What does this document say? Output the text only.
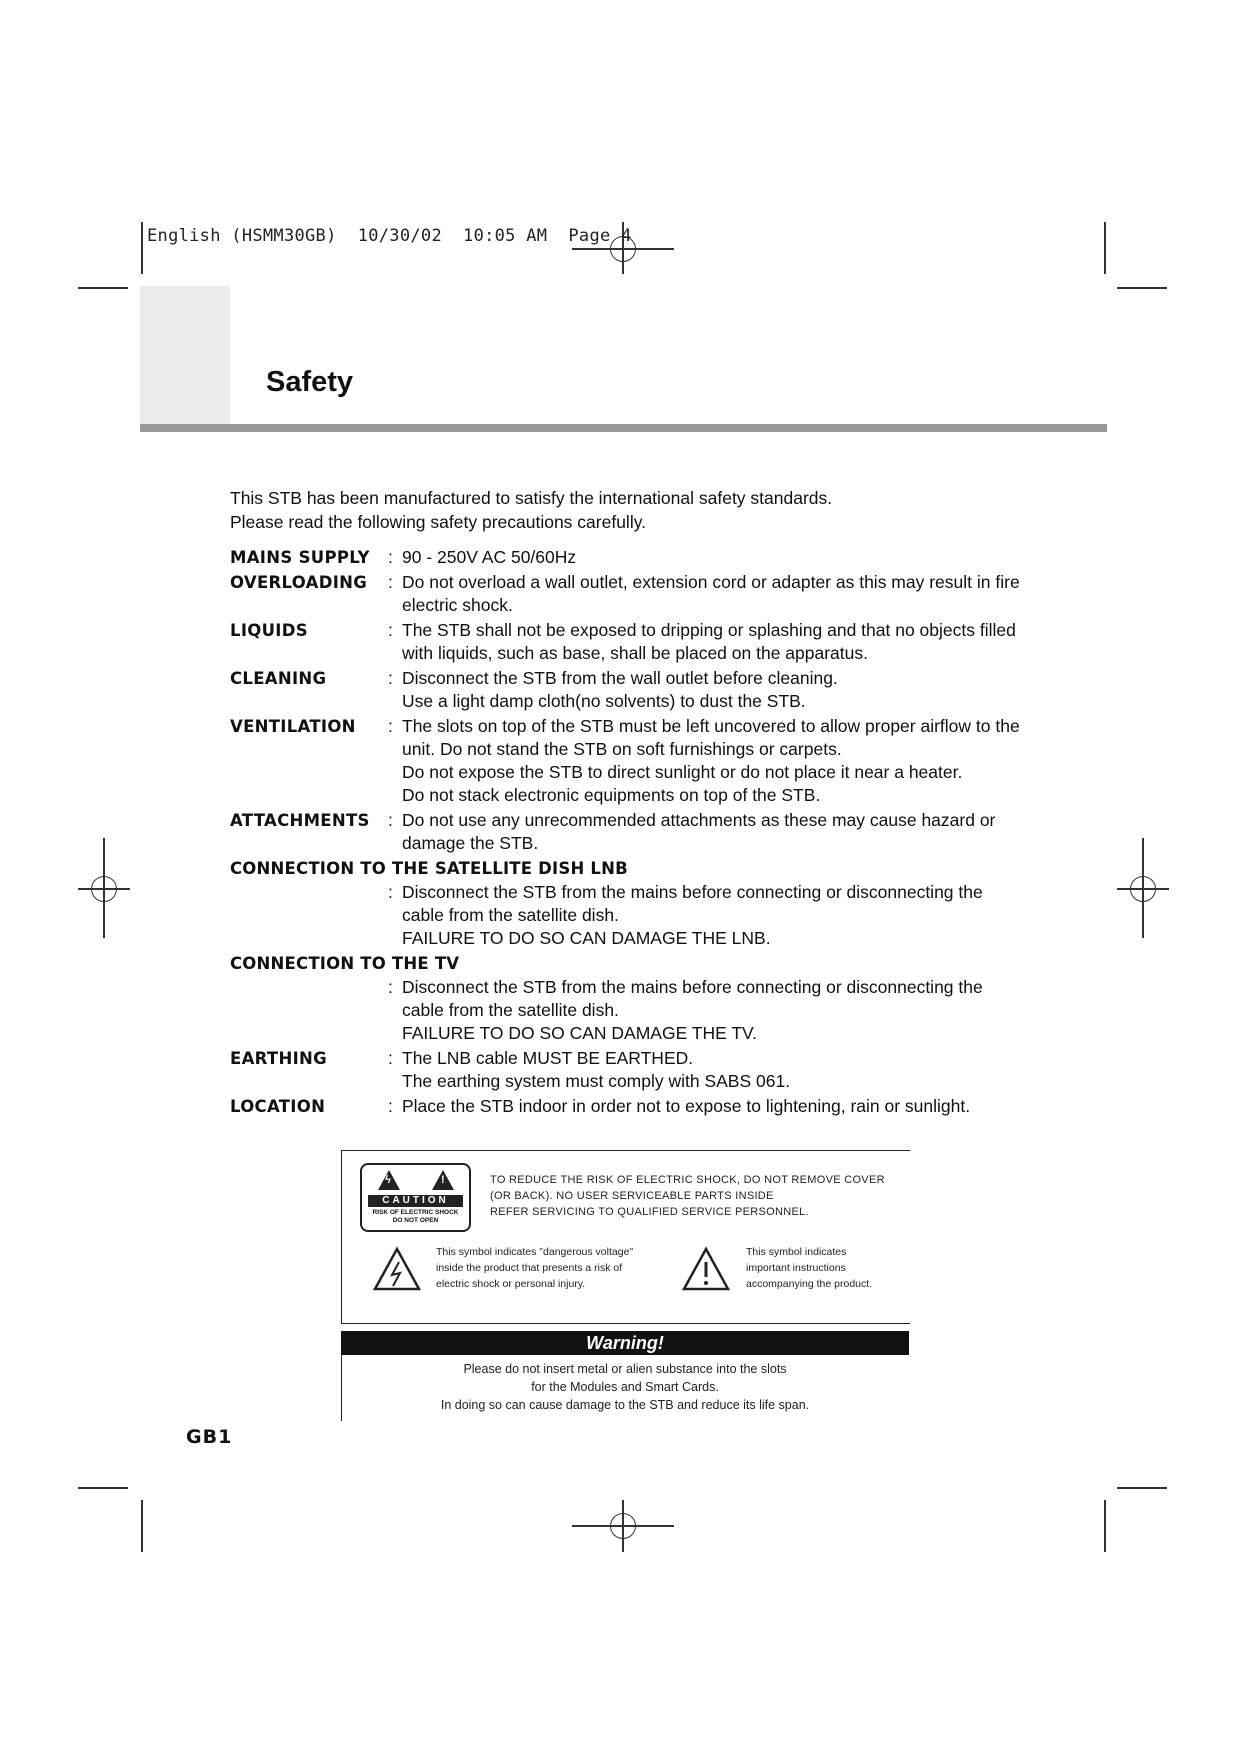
English (HSMM30GB)  10/30/02  10:05 AM  Page 4
Safety
This STB has been manufactured to satisfy the international safety standards.
Please read the following safety precautions carefully.
MAINS SUPPLY	: 90 - 250V AC 50/60Hz
OVERLOADING	: Do not overload a wall outlet, extension cord or adapter as this may result in fire
electric shock.
LIQUIDS	: The STB shall not be exposed to dripping or splashing and that no objects filled
with liquids, such as base, shall be placed on the apparatus.
CLEANING	: Disconnect the STB from the wall outlet before cleaning.
Use a light damp cloth(no solvents) to dust the STB.
VENTILATION	: The slots on top of the STB must be left uncovered to allow proper airflow to the
unit. Do not stand the STB on soft furnishings or carpets.
Do not expose the STB to direct sunlight or do not place it near a heater.
Do not stack electronic equipments on top of the STB.
ATTACHMENTS	: Do not use any unrecommended attachments as these may cause hazard or
damage the STB.
CONNECTION TO THE SATELLITE DISH LNB
: Disconnect the STB from the mains before connecting or disconnecting the
cable from the satellite dish.
FAILURE TO DO SO CAN DAMAGE THE LNB.
CONNECTION TO THE TV
: Disconnect the STB from the mains before connecting or disconnecting the
cable from the satellite dish.
FAILURE TO DO SO CAN DAMAGE THE TV.
EARTHING	: The LNB cable MUST BE EARTHED.
The earthing system must comply with SABS 061.
LOCATION	: Place the STB indoor in order not to expose to lightening, rain or sunlight.
ϟ	!
CAUTION
RISK OF ELECTRIC SHOCK
DO NOT OPEN
TO REDUCE THE RISK OF ELECTRIC SHOCK, DO NOT REMOVE COVER
(OR BACK). NO USER SERVICEABLE PARTS INSIDE
REFER SERVICING TO QUALIFIED SERVICE PERSONNEL.
This symbol indicates "dangerous voltage"
inside the product that presents a risk of
electric shock or personal injury.
This symbol indicates
important instructions
accompanying the product.
Warning!
Please do not insert metal or alien substance into the slots
for the Modules and Smart Cards.
In doing so can cause damage to the STB and reduce its life span.
GB1
